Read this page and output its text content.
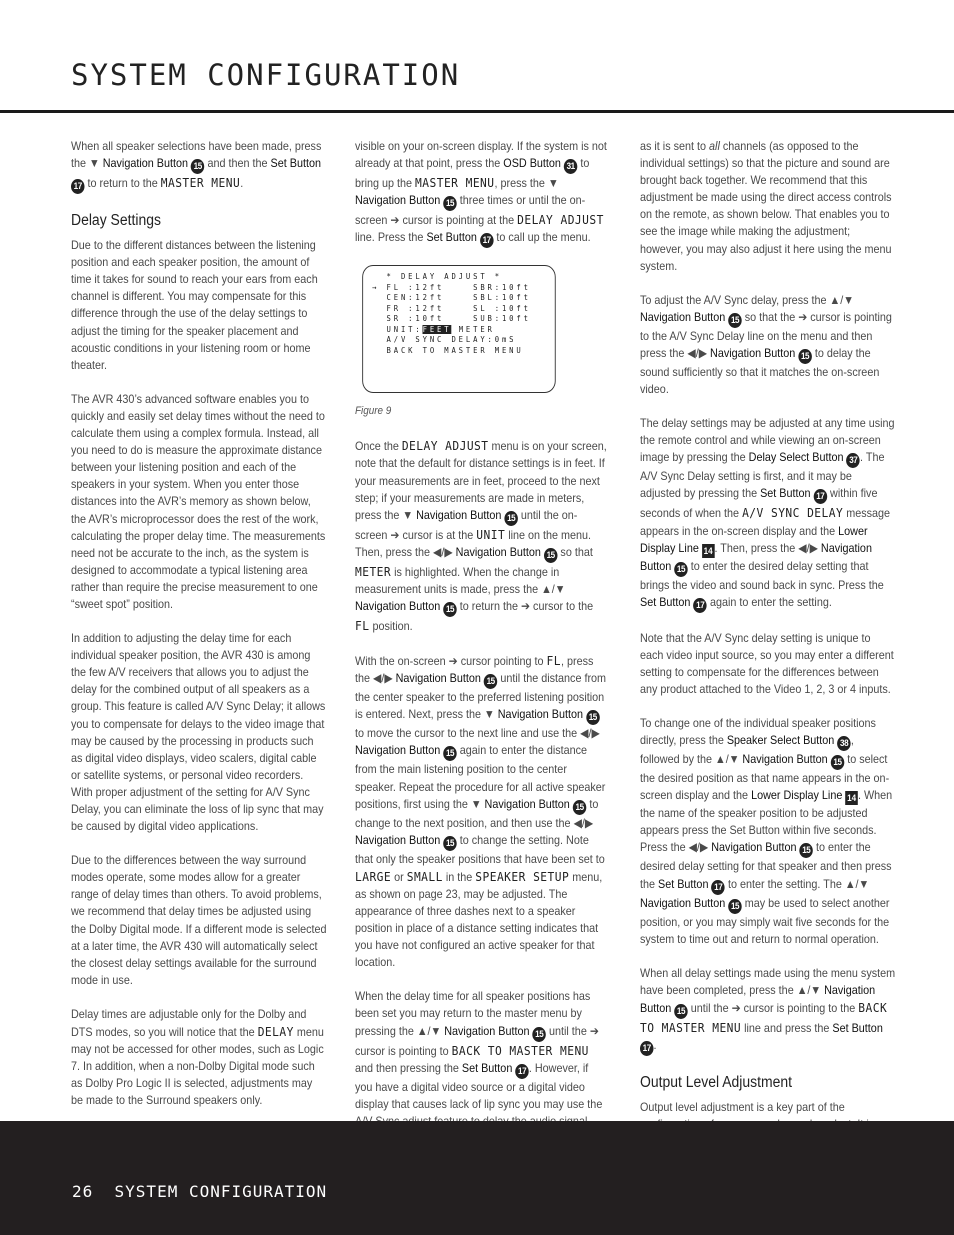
SYSTEM CONFIGURATION

When all speaker selections have been made, press the ▼ Navigation Button 15 and then the Set Button 17 to return to the MASTER MENU.

Delay Settings

Due to the different distances between the listening position and each speaker position, the amount of time it takes for sound to reach your ears from each channel is different. You may compensate for this difference through the use of the delay settings to adjust the timing for the speaker placement and acoustic conditions in your listening room or home theater.

The AVR 430’s advanced software enables you to quickly and easily set delay times without the need to calculate them using a complex formula. Instead, all you need to do is measure the approximate distance between your listening position and each of the speakers in your system. When you enter those distances into the AVR’s memory as shown below, the AVR’s microprocessor does the rest of the work, calculating the proper delay time. The measurements need not be accurate to the inch, as the system is designed to accommodate a typical listening area rather than require the precise measurement to one “sweet spot” position.

In addition to adjusting the delay time for each individual speaker position, the AVR 430 is among the few A/V receivers that allows you to adjust the delay for the combined output of all speakers as a group. This feature is called A/V Sync Delay; it allows you to compensate for delays to the video image that may be caused by the processing in products such as digital video displays, video scalers, digital cable or satellite systems, or personal video recorders. With proper adjustment of the setting for A/V Sync Delay, you can eliminate the loss of lip sync that may be caused by digital video applications.

Due to the differences between the way surround modes operate, some modes allow for a greater range of delay times than others. To avoid problems, we recommend that delay times be adjusted using the Dolby Digital mode. If a different mode is selected at a later time, the AVR 430 will automatically select the closest delay settings available for the surround mode in use.

Delay times are adjustable only for the Dolby and DTS modes, so you will notice that the DELAY menu may not be accessed for other modes, such as Logic 7. In addition, when a non-Dolby Digital mode such as Dolby Pro Logic II is selected, adjustments may be made to the Surround speakers only.

visible on your on-screen display. If the system is not already at that point, press the OSD Button 31 to bring up the MASTER MENU, press the ▼ Navigation Button 15 three times or until the on-screen ➔ cursor is pointing at the DELAY ADJUST line. Press the Set Button 17 to call up the menu.

* DELAY ADJUST *
→ FL :12ft    SBR:10ft
CEN:12ft    SBL:10ft
FR :12ft    SL :10ft
SR :10ft    SUB:10ft
UNIT:FEET METER
A/V SYNC DELAY:0mS
BACK TO MASTER MENU

Figure 9

Once the DELAY ADJUST menu is on your screen, note that the default for distance settings is in feet. If your measurements are in feet, proceed to the next step; if your measurements are made in meters, press the ▼ Navigation Button 15 until the on-screen ➔ cursor is at the UNIT line on the menu. Then, press the ◀/▶ Navigation Button 15 so that METER is highlighted. When the change in measurement units is made, press the ▲/▼ Navigation Button 15 to return the ➔ cursor to the FL position.

With the on-screen ➔ cursor pointing to FL, press the ◀/▶ Navigation Button 15 until the distance from the center speaker to the preferred listening position is entered. Next, press the ▼ Navigation Button 15 to move the cursor to the next line and use the ◀/▶ Navigation Button 15 again to enter the distance from the main listening position to the center speaker. Repeat the procedure for all active speaker positions, first using the ▼ Navigation Button 15 to change to the next position, and then use the ◀/▶ Navigation Button 15 to change the setting. Note that only the speaker positions that have been set to LARGE or SMALL in the SPEAKER SETUP menu, as shown on page 23, may be adjusted. The appearance of three dashes next to a speaker position in place of a distance setting indicates that you have not configured an active speaker for that location.

When the delay time for all speaker positions has been set you may return to the master menu by pressing the ▲/▼ Navigation Button 15 until the ➔ cursor is pointing to BACK TO MASTER MENU and then pressing the Set Button 17 . However, if you have a digital video source or a digital video display that causes lack of lip sync you may use the

as it is sent to all channels (as opposed to the individual settings) so that the picture and sound are brought back together. We recommend that this adjustment be made using the direct access controls on the remote, as shown below. That enables you to see the image while making the adjustment; however, you may also adjust it here using the menu system.

To adjust the A/V Sync delay, press the ▲/▼ Navigation Button 15 so that the ➔ cursor is pointing to the A/V Sync Delay line on the menu and then press the ◀/▶ Navigation Button 15 to delay the sound sufficiently so that it matches the on-screen video.

The delay settings may be adjusted at any time using the remote control and while viewing an on-screen image by pressing the Delay Select Button 37 . The A/V Sync Delay setting is first, and it may be adjusted by pressing the Set Button 17 within five seconds of when the A/V SYNC DELAY message appears in the on-screen display and the Lower Display Line 14 . Then, press the ◀/▶ Navigation Button 15 to enter the desired delay setting that brings the video and sound back in sync. Press the Set Button 17 again to enter the setting.

Note that the A/V Sync delay setting is unique to each video input source, so you may enter a different setting to compensate for the differences between any product attached to the Video 1, 2, 3 or 4 inputs.

To change one of the individual speaker positions directly, press the Speaker Select Button 38 , followed by the ▲/▼ Navigation Button 15 to select the desired position as that name appears in the on-screen display and the Lower Display Line 14 . When the name of the speaker position to be adjusted appears press the Set Button within five seconds. Press the ◀/▶ Navigation Button 15 to enter the desired delay setting for that speaker and then press the Set Button 17 to enter the setting. The ▲/▼ Navigation Button 15 may be used to select another position, or you may simply wait five seconds for the system to time out and return to normal operation.

When all delay settings made using the menu system have been completed, press the ▲/▼ Navigation Button 15 until the ➔ cursor is pointing to the BACK TO MASTER MENU line and press the Set Button 17 .

Output Level Adjustment

Output level adjustment is a key part of the

26 SYSTEM CONFIGURATION
